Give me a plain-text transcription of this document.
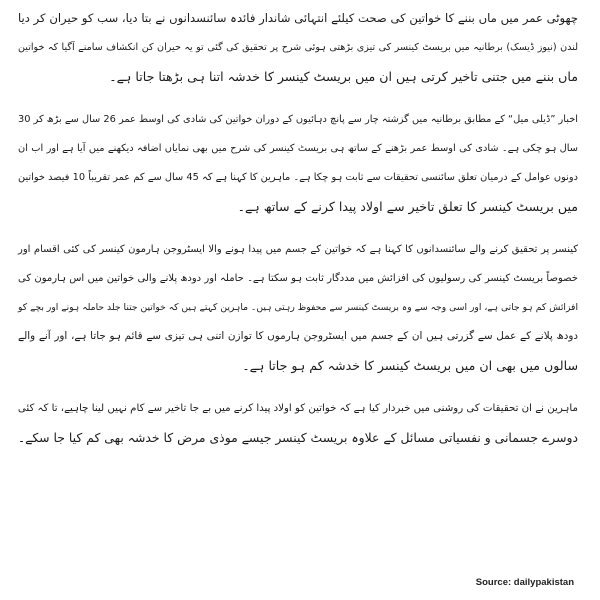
چھوٹی عمر میں ماں بننے کا خواتین کی صحت کیلئے انتہائی شاندار فائدہ سائنسدانوں نے بتا دیا، سب کو حیران کر دیا
لندن (نیوز ڈیسک) برطانیہ میں بریسٹ کینسر کی تیزی بڑھتی ہوئی شرح پر تحقیق کی گئی تو یہ حیران کن انکشاف سامنے آگیا کہ خواتین
ماں بننے میں جتنی تاخیر کرتی ہیں ان میں بریسٹ کینسر کا خدشہ اتنا ہی بڑھتا جاتا ہے۔
اخبار ”ڈیلی میل“ کے مطابق برطانیہ میں گزشتہ چار سے پانچ دہائیوں کے دوران خواتین کی شادی کی اوسط عمر 26 سال سے بڑھ کر 30
سال ہو چکی ہے۔ شادی کی اوسط عمر بڑھنے کے ساتھ ہی بریسٹ کینسر کی شرح میں بھی نمایاں اضافہ دیکھنے میں آیا ہے اور اب ان
دونوں عوامل کے درمیان تعلق سائنسی تحقیقات سے ثابت ہو چکا ہے۔ ماہرین کا کہنا ہے کہ 45 سال سے کم عمر تقریباً 10 فیصد خواتین
میں بریسٹ کینسر کا تعلق تاخیر سے اولاد پیدا کرنے کے ساتھ ہے۔
کینسر پر تحقیق کرنے والے سائنسدانوں کا کہنا ہے کہ خواتین کے جسم میں پیدا ہونے والا ایسٹروجن ہارمون کینسر کی کئی اقسام اور
خصوصاً بریسٹ کینسر کی رسولیوں کی افزائش میں مددگار ثابت ہو سکتا ہے۔ حاملہ اور دودھ پلانے والی خواتین میں اس ہارمون کی
افزائش کم ہو جاتی ہے، اور اسی وجہ سے وہ بریسٹ کینسر سے محفوظ رہتی ہیں۔ ماہرین کہتے ہیں کہ خواتین جتنا جلد حاملہ ہونے اور بچے کو
دودھ پلانے کے عمل سے گزرتی ہیں ان کے جسم میں ایسٹروجن ہارموں کا توازن اتنی ہی تیزی سے قائم ہو جاتا ہے، اور آنے والے
سالوں میں بھی ان میں بریسٹ کینسر کا خدشہ کم ہو جاتا ہے۔
ماہرین نے ان تحقیقات کی روشنی میں خبردار کیا ہے کہ خواتین کو اولاد پیدا کرنے میں بے جا تاخیر سے کام نہیں لینا چاہیے، تا کہ کئی
دوسرے جسمانی و نفسیاتی مسائل کے علاوہ بریسٹ کینسر جیسے موذی مرض کا خدشہ بھی کم کیا جا سکے۔
Source: dailypakistan
